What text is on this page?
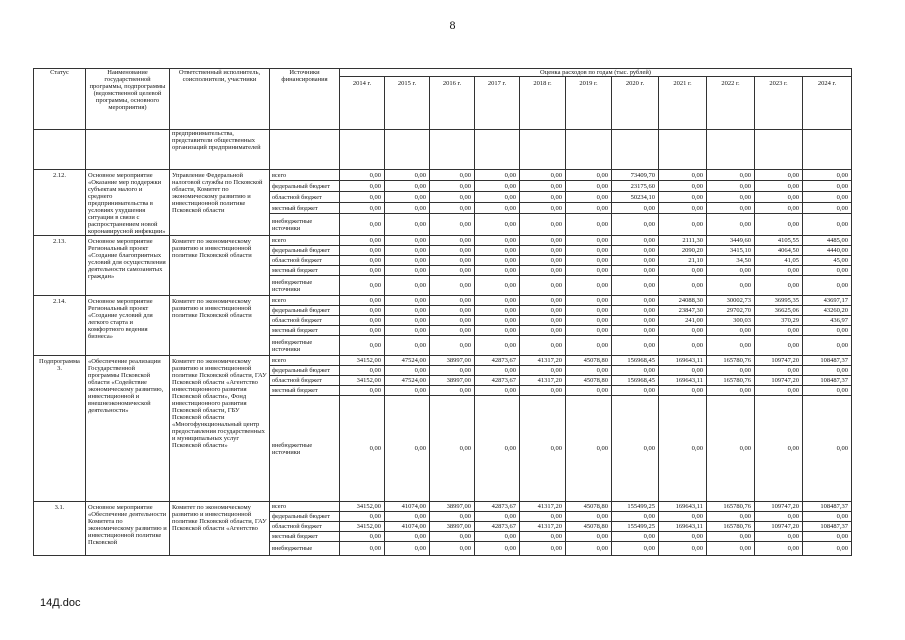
8
Статус	Наименование государственной программы, подпрограммы (ведомственной целевой программы, основного мероприятия)	Ответственный исполнитель, соисполнители, участники	Источники финансирования	Оценка расходов по годам (тыс. рублей)										
				2014 г.	2015 г.	2016 г.	2017 г.	2018 г.	2019 г.	2020 г.	2021 г.	2022 г.	2023 г.	2024 г.
		предпринимательства, представители общественных организаций предпринимателей												
2.12.	Основное мероприятие «Оказание мер поддержки субъектам малого и среднего предпринимательства в условиях ухудшения ситуации в связи с распространением новой коронавирусной инфекции»	Управление Федеральной налоговой службы по Псковской области, Комитет по экономическому развитию и инвестиционной политике Псковской области	всего	0,00	0,00	0,00	0,00	0,00	0,00	73409,70	0,00	0,00	0,00	0,00
			федеральный бюджет	0,00	0,00	0,00	0,00	0,00	0,00	23175,60	0,00	0,00	0,00	0,00
			областной бюджет	0,00	0,00	0,00	0,00	0,00	0,00	50234,10	0,00	0,00	0,00	0,00
			местный бюджет	0,00	0,00	0,00	0,00	0,00	0,00	0,00	0,00	0,00	0,00	0,00
			внебюджетные источники	0,00	0,00	0,00	0,00	0,00	0,00	0,00	0,00	0,00	0,00	0,00
2.13.	Основное мероприятие Региональный проект «Создание благоприятных условий для осуществления деятельности самозанятых граждан»	Комитет по экономическому развитию и инвестиционной политике Псковской области	всего	0,00	0,00	0,00	0,00	0,00	0,00	0,00	2111,30	3449,60	4105,55	4485,00
			федеральный бюджет	0,00	0,00	0,00	0,00	0,00	0,00	0,00	2090,20	3415,10	4064,50	4440,00
			областной бюджет	0,00	0,00	0,00	0,00	0,00	0,00	0,00	21,10	34,50	41,05	45,00
			местный бюджет	0,00	0,00	0,00	0,00	0,00	0,00	0,00	0,00	0,00	0,00	0,00
			внебюджетные источники	0,00	0,00	0,00	0,00	0,00	0,00	0,00	0,00	0,00	0,00	0,00
2.14.	Основное мероприятие Региональный проект «Создание условий для легкого старта и комфортного ведения бизнеса»	Комитет по экономическому развитию и инвестиционной политике Псковской области	всего	0,00	0,00	0,00	0,00	0,00	0,00	0,00	24088,30	30002,73	36995,35	43697,17
			федеральный бюджет	0,00	0,00	0,00	0,00	0,00	0,00	0,00	23847,30	29702,70	36625,06	43260,20
			областной бюджет	0,00	0,00	0,00	0,00	0,00	0,00	0,00	241,00	300,03	370,29	436,97
			местный бюджет	0,00	0,00	0,00	0,00	0,00	0,00	0,00	0,00	0,00	0,00	0,00
			внебюджетные источники	0,00	0,00	0,00	0,00	0,00	0,00	0,00	0,00	0,00	0,00	0,00
Подпрограмма 3.	«Обеспечение реализации Государственной программы Псковской области «Содействие экономическому развитию, инвестиционной и внешнеэкономической деятельности»	Комитет по экономическому развитию и инвестиционной политике Псковской области, ГАУ Псковской области «Агентство инвестиционного развития Псковской области», Фонд инвестиционного развития Псковской области, ГБУ Псковской области «Многофункциональный центр предоставления государственных и муниципальных услуг Псковской области»	всего	34152,00	47524,00	38997,00	42873,67	41317,20	45078,80	156968,45	169643,11	165780,76	109747,20	108487,37
			федеральный бюджет	0,00	0,00	0,00	0,00	0,00	0,00	0,00	0,00	0,00	0,00	0,00
			областной бюджет	34152,00	47524,00	38997,00	42873,67	41317,20	45078,80	156968,45	169643,11	165780,76	109747,20	108487,37
			местный бюджет	0,00	0,00	0,00	0,00	0,00	0,00	0,00	0,00	0,00	0,00	0,00
			внебюджетные источники	0,00	0,00	0,00	0,00	0,00	0,00	0,00	0,00	0,00	0,00	0,00
3.1.	Основное мероприятие «Обеспечение деятельности Комитета по экономическому развитию и инвестиционной политике Псковской	Комитет по экономическому развитию и инвестиционной политике Псковской области, ГАУ Псковской области «Агентство	всего	34152,00	41074,00	38997,00	42873,67	41317,20	45078,80	155499,25	169643,11	165780,76	109747,20	108487,37
			федеральный бюджет	0,00	0,00	0,00	0,00	0,00	0,00	0,00	0,00	0,00	0,00	0,00
			областной бюджет	34152,00	41074,00	38997,00	42873,67	41317,20	45078,80	155499,25	169643,11	165780,76	109747,20	108487,37
			местный бюджет	0,00	0,00	0,00	0,00	0,00	0,00	0,00	0,00	0,00	0,00	0,00
			внебюджетные	0,00	0,00	0,00	0,00	0,00	0,00	0,00	0,00	0,00	0,00	0,00
14Д.doc
